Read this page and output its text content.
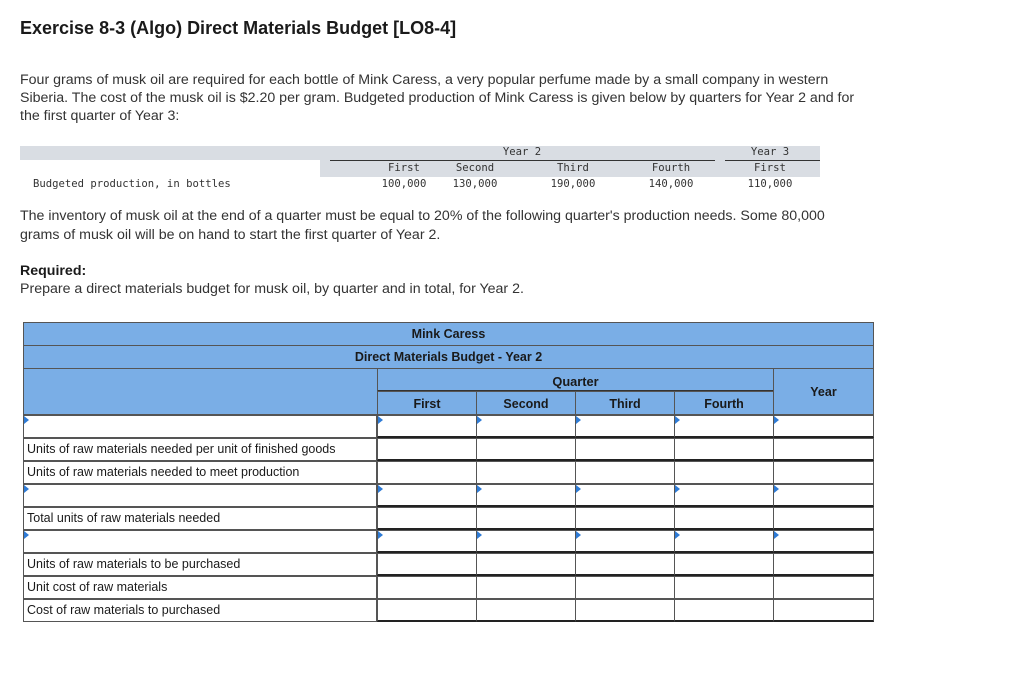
Exercise 8-3 (Algo) Direct Materials Budget [LO8-4]
Four grams of musk oil are required for each bottle of Mink Caress, a very popular perfume made by a small company in western
Siberia. The cost of the musk oil is $2.20 per gram. Budgeted production of Mink Caress is given below by quarters for Year 2 and for
the first quarter of Year 3:
Year 2	Year 3
First	Second	Third	Fourth	First
Budgeted production, in bottles	100,000	130,000	190,000	140,000	110,000
The inventory of musk oil at the end of a quarter must be equal to 20% of the following quarter's production needs. Some 80,000
grams of musk oil will be on hand to start the first quarter of Year 2.
Required:
Prepare a direct materials budget for musk oil, by quarter and in total, for Year 2.
Mink Caress
Direct Materials Budget - Year 2
Quarter
Year
First	Second	Third	Fourth
Units of raw materials needed per unit of finished goods
Units of raw materials needed to meet production
Total units of raw materials needed
Units of raw materials to be purchased
Unit cost of raw materials
Cost of raw materials to purchased
